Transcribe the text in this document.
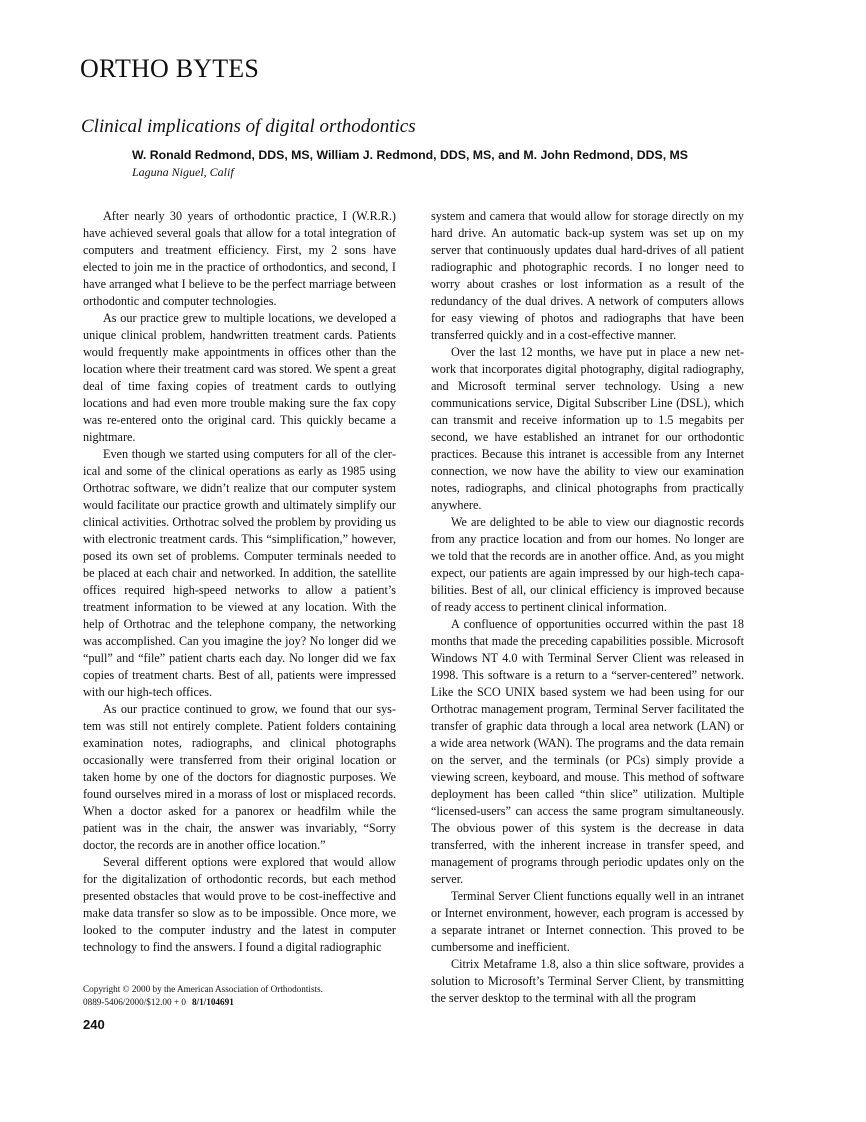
ORTHO BYTES
Clinical implications of digital orthodontics
W. Ronald Redmond, DDS, MS, William J. Redmond, DDS, MS, and M. John Redmond, DDS, MS
Laguna Niguel, Calif

After nearly 30 years of orthodontic practice, I (W.R.R.) have achieved several goals that allow for a total integration of computers and treatment efficiency. First, my 2 sons have elected to join me in the practice of orthodontics, and second, I have arranged what I believe to be the perfect marriage between orthodontic and computer technologies.

As our practice grew to multiple locations, we developed a unique clinical problem, handwritten treatment cards. Patients would frequently make appointments in offices other than the location where their treatment card was stored. We spent a great deal of time faxing copies of treatment cards to outlying locations and had even more trouble making sure the fax copy was re-entered onto the original card. This quickly became a nightmare.

Even though we started using computers for all of the clerical and some of the clinical operations as early as 1985 using Orthotrac software, we didn’t realize that our computer system would facilitate our practice growth and ultimately simplify our clinical activities. Orthotrac solved the problem by providing us with electronic treatment cards. This “simplification,” however, posed its own set of problems. Computer terminals needed to be placed at each chair and networked. In addition, the satellite offices required high-speed networks to allow a patient’s treatment information to be viewed at any location. With the help of Orthotrac and the telephone company, the networking was accomplished. Can you imagine the joy? No longer did we “pull” and “file” patient charts each day. No longer did we fax copies of treatment charts. Best of all, patients were impressed with our high-tech offices.

As our practice continued to grow, we found that our system was still not entirely complete. Patient folders containing examination notes, radiographs, and clinical photographs occasionally were transferred from their original location or taken home by one of the doctors for diagnostic purposes. We found ourselves mired in a morass of lost or misplaced records. When a doctor asked for a panorex or headfilm while the patient was in the chair, the answer was invariably, “Sorry doctor, the records are in another office location.”

Several different options were explored that would allow for the digitalization of orthodontic records, but each method presented obstacles that would prove to be cost-ineffective and make data transfer so slow as to be impossible. Once more, we looked to the computer industry and the latest in computer technology to find the answers. I found a digital radiographic

system and camera that would allow for storage directly on my hard drive. An automatic back-up system was set up on my server that continuously updates dual hard-drives of all patient radiographic and photographic records. I no longer need to worry about crashes or lost information as a result of the redundancy of the dual drives. A network of computers allows for easy viewing of photos and radiographs that have been transferred quickly and in a cost-effective manner.

Over the last 12 months, we have put in place a new network that incorporates digital photography, digital radiography, and Microsoft terminal server technology. Using a new communications service, Digital Subscriber Line (DSL), which can transmit and receive information up to 1.5 megabits per second, we have established an intranet for our orthodontic practices. Because this intranet is accessible from any Internet connection, we now have the ability to view our examination notes, radiographs, and clinical photographs from practically anywhere.

We are delighted to be able to view our diagnostic records from any practice location and from our homes. No longer are we told that the records are in another office. And, as you might expect, our patients are again impressed by our high-tech capabilities. Best of all, our clinical efficiency is improved because of ready access to pertinent clinical information.

A confluence of opportunities occurred within the past 18 months that made the preceding capabilities possible. Microsoft Windows NT 4.0 with Terminal Server Client was released in 1998. This software is a return to a “server-centered” network. Like the SCO UNIX based system we had been using for our Orthotrac management program, Terminal Server facilitated the transfer of graphic data through a local area network (LAN) or a wide area network (WAN). The programs and the data remain on the server, and the terminals (or PCs) simply provide a viewing screen, keyboard, and mouse. This method of software deployment has been called “thin slice” utilization. Multiple “licensed-users” can access the same program simultaneously. The obvious power of this system is the decrease in data transferred, with the inherent increase in transfer speed, and management of programs through periodic updates only on the server.

Terminal Server Client functions equally well in an intranet or Internet environment, however, each program is accessed by a separate intranet or Internet connection. This proved to be cumbersome and inefficient.

Citrix Metaframe 1.8, also a thin slice software, provides a solution to Microsoft’s Terminal Server Client, by transmitting the server desktop to the terminal with all the program

Copyright © 2000 by the American Association of Orthodontists.
0889-5406/2000/$12.00 + 0 8/1/104691
240
